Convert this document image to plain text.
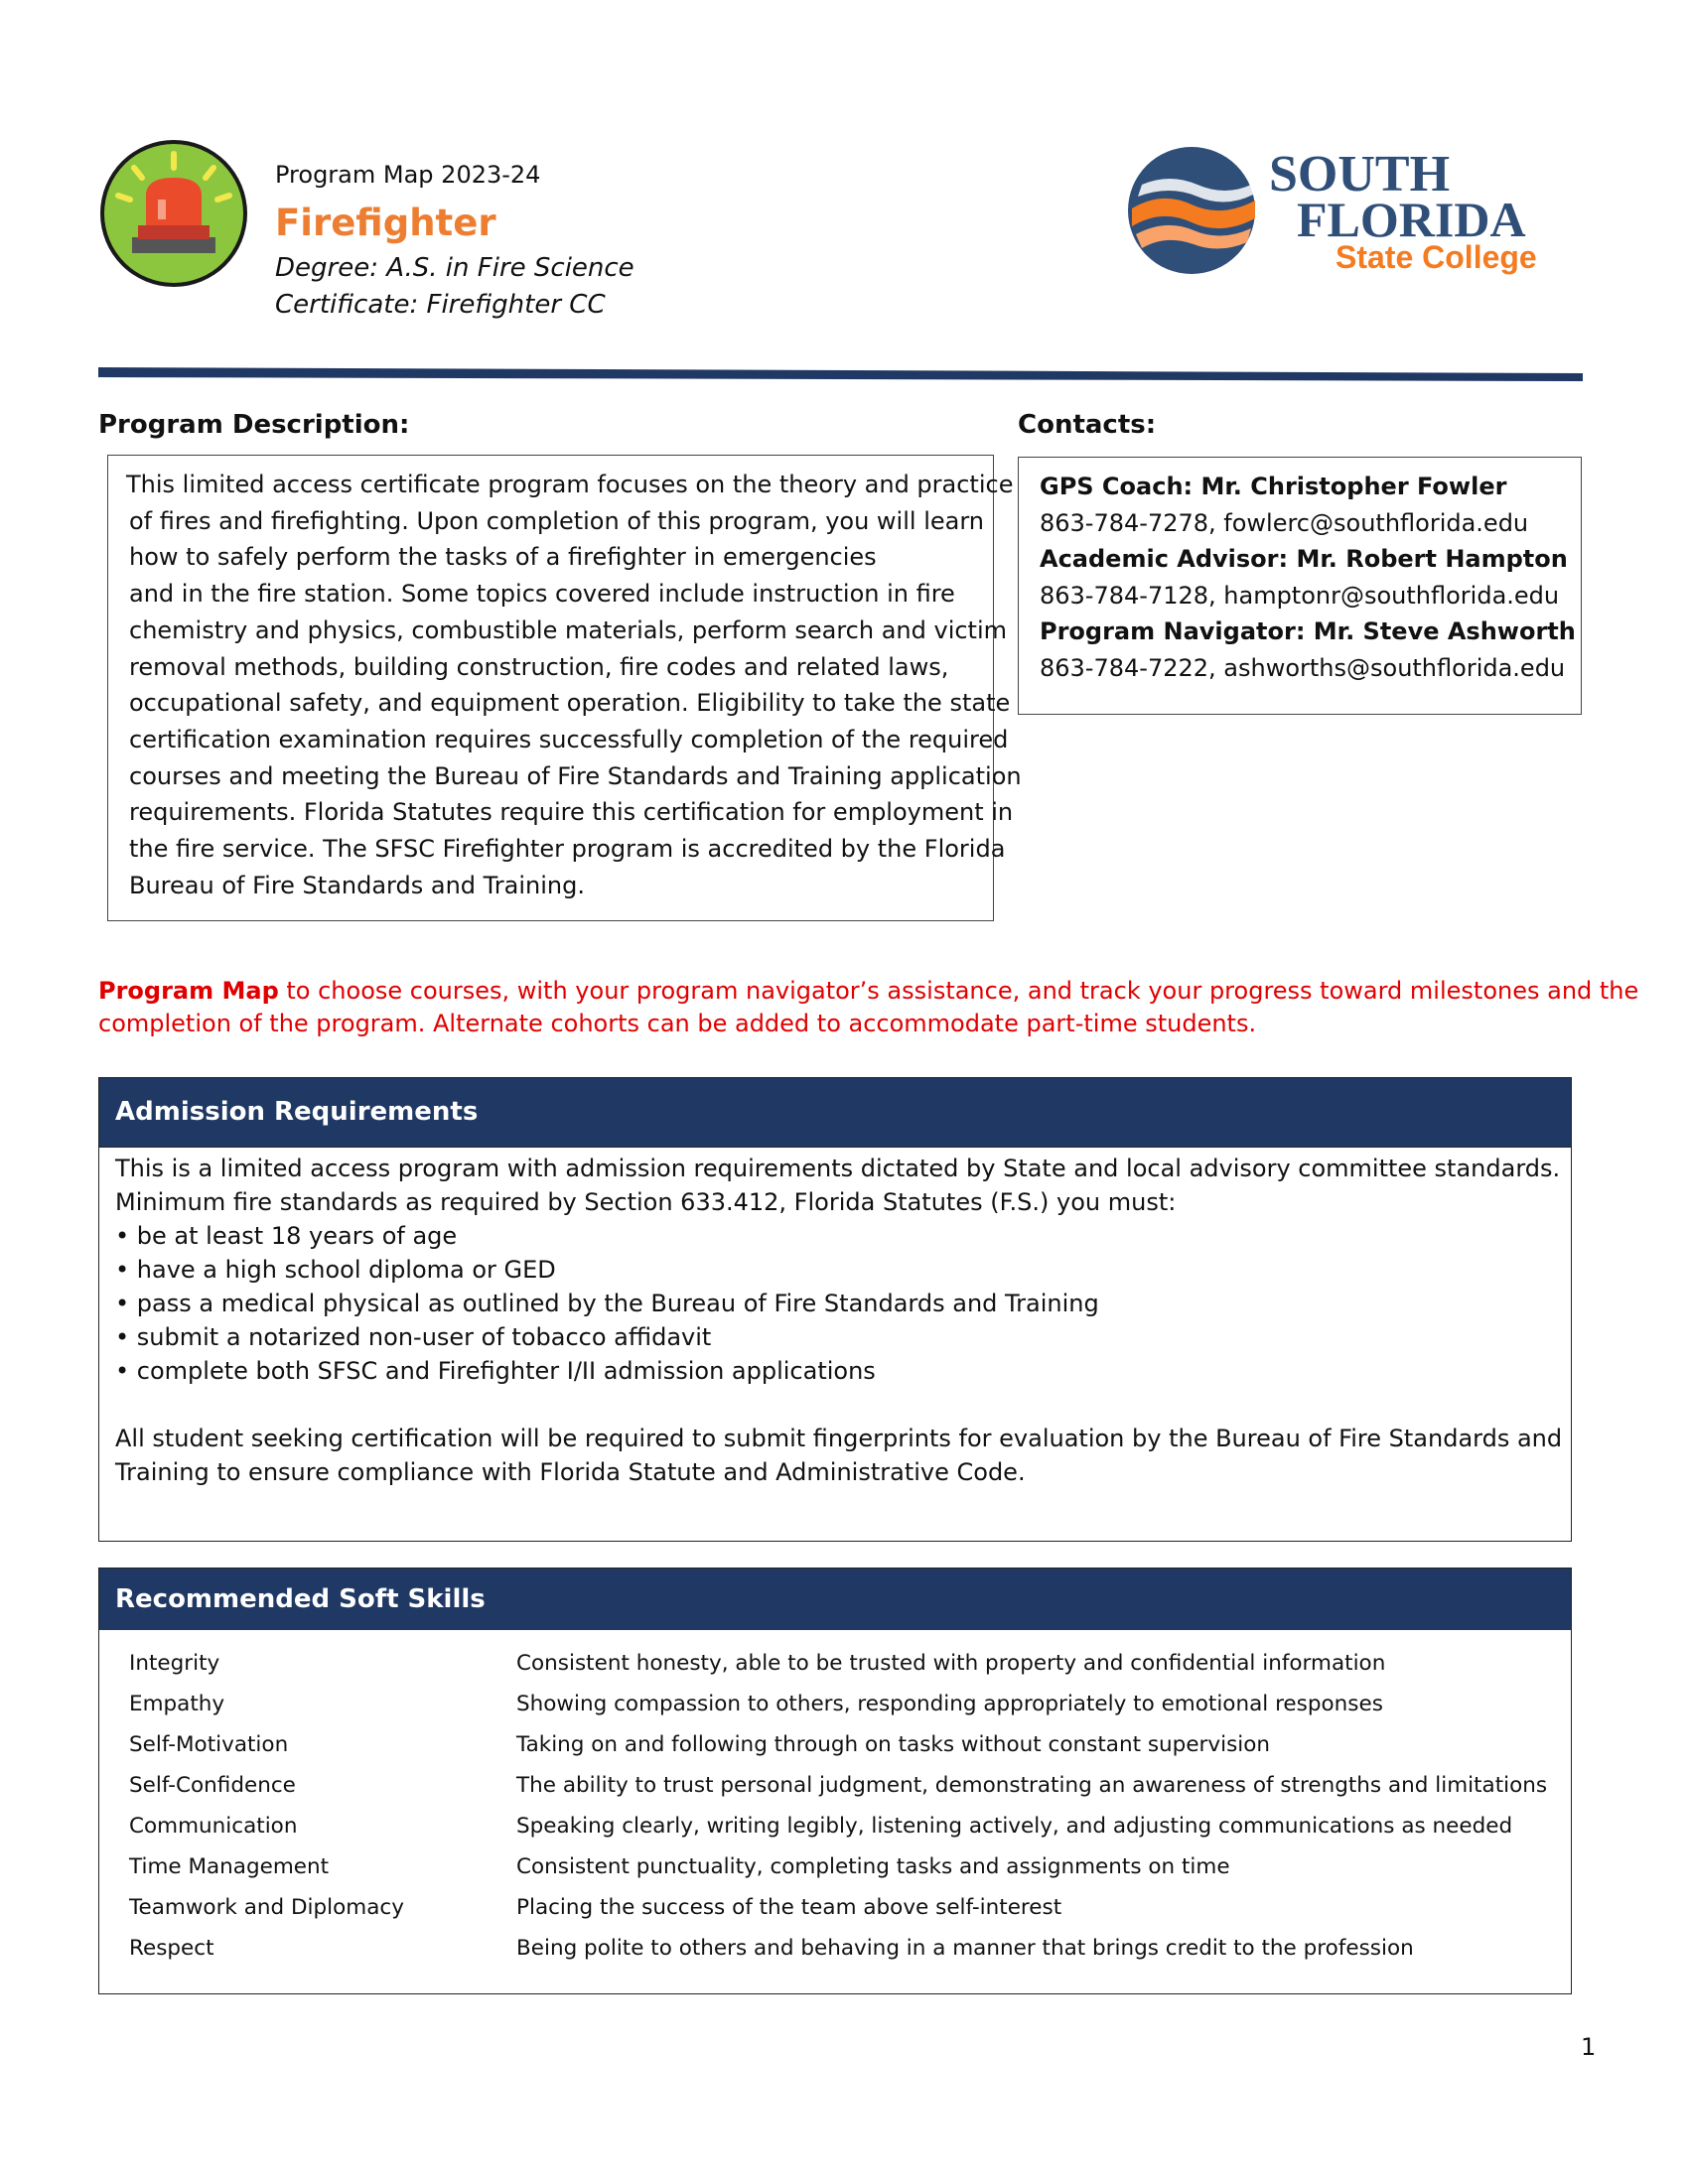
Program Map 2023-24
Firefighter
Degree: A.S. in Fire Science
Certificate: Firefighter CC
SOUTH
FLORIDA
State College
Program Description:
This limited access certificate program focuses on the theory and practice
of fires and firefighting. Upon completion of this program, you will learn
how to safely perform the tasks of a firefighter in emergencies
and in the fire station. Some topics covered include instruction in fire
chemistry and physics, combustible materials, perform search and victim
removal methods, building construction, fire codes and related laws,
occupational safety, and equipment operation. Eligibility to take the state
certification examination requires successfully completion of the required
courses and meeting the Bureau of Fire Standards and Training application
requirements. Florida Statutes require this certification for employment in
the fire service. The SFSC Firefighter program is accredited by the Florida
Bureau of Fire Standards and Training.
Contacts:
GPS Coach: Mr. Christopher Fowler
863-784-7278, fowlerc@southflorida.edu
Academic Advisor: Mr. Robert Hampton
863-784-7128, hamptonr@southflorida.edu
Program Navigator: Mr. Steve Ashworth
863-784-7222, ashworths@southflorida.edu
Program Map to choose courses, with your program navigator’s assistance, and track your progress toward milestones and the
completion of the program. Alternate cohorts can be added to accommodate part-time students.
Admission Requirements
This is a limited access program with admission requirements dictated by State and local advisory committee standards.
Minimum fire standards as required by Section 633.412, Florida Statutes (F.S.) you must:
• be at least 18 years of age
• have a high school diploma or GED
• pass a medical physical as outlined by the Bureau of Fire Standards and Training
• submit a notarized non-user of tobacco affidavit
• complete both SFSC and Firefighter I/II admission applications
All student seeking certification will be required to submit fingerprints for evaluation by the Bureau of Fire Standards and
Training to ensure compliance with Florida Statute and Administrative Code.
Recommended Soft Skills
Integrity	Consistent honesty, able to be trusted with property and confidential information
Empathy	Showing compassion to others, responding appropriately to emotional responses
Self-Motivation	Taking on and following through on tasks without constant supervision
Self-Confidence	The ability to trust personal judgment, demonstrating an awareness of strengths and limitations
Communication	Speaking clearly, writing legibly, listening actively, and adjusting communications as needed
Time Management	Consistent punctuality, completing tasks and assignments on time
Teamwork and Diplomacy	Placing the success of the team above self-interest
Respect	Being polite to others and behaving in a manner that brings credit to the profession
1
